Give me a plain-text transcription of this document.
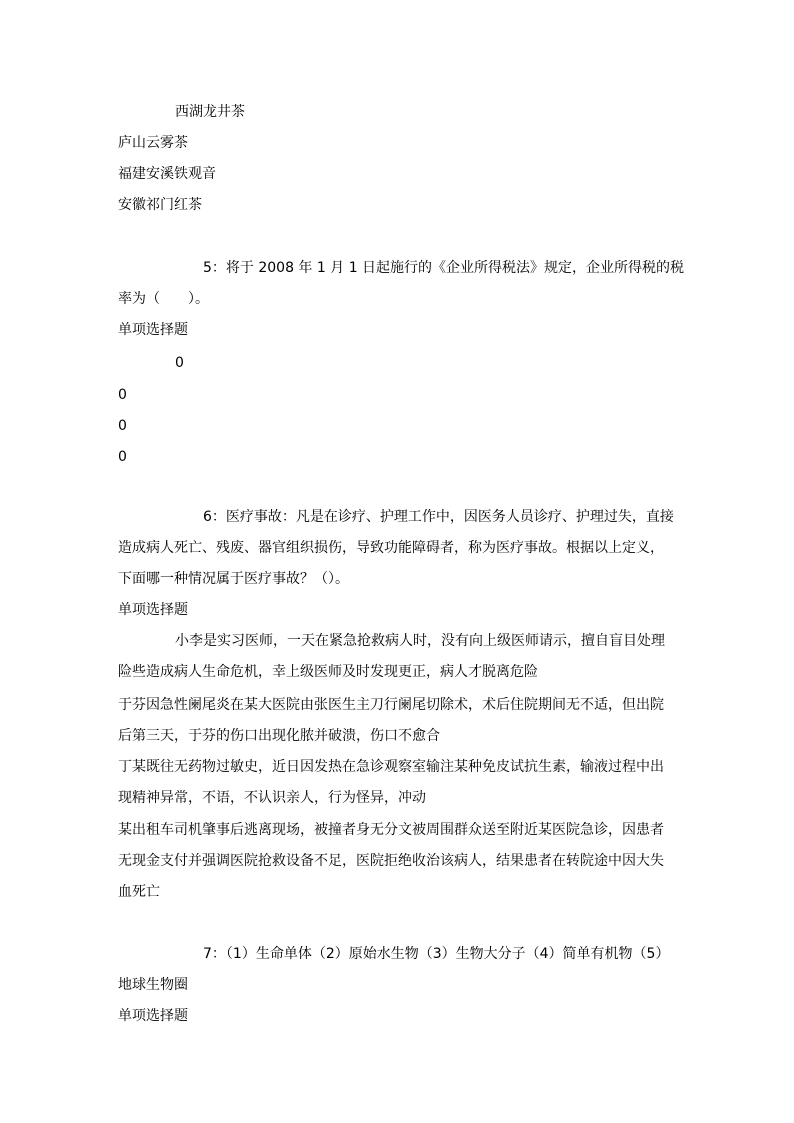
西湖龙井茶
庐山云雾茶
福建安溪铁观音
安徽祁门红茶
5：将于 2008 年 1 月 1 日起施行的《企业所得税法》规定，企业所得税的税
率为（　　）。
单项选择题
0
0
0
0
6：医疗事故：凡是在诊疗、护理工作中，因医务人员诊疗、护理过失，直接
造成病人死亡、残废、器官组织损伤，导致功能障碍者，称为医疗事故。根据以上定义，
下面哪一种情况属于医疗事故？（）。
单项选择题
小李是实习医师，一天在紧急抢救病人时，没有向上级医师请示，擅自盲目处理
险些造成病人生命危机，幸上级医师及时发现更正，病人才脱离危险
于芬因急性阑尾炎在某大医院由张医生主刀行阑尾切除术，术后住院期间无不适，但出院
后第三天，于芬的伤口出现化脓并破溃，伤口不愈合
丁某既往无药物过敏史，近日因发热在急诊观察室输注某种免皮试抗生素，输液过程中出
现精神异常，不语，不认识亲人，行为怪异，冲动
某出租车司机肇事后逃离现场，被撞者身无分文被周围群众送至附近某医院急诊，因患者
无现金支付并强调医院抢救设备不足，医院拒绝收治该病人，结果患者在转院途中因大失
血死亡
7：（1）生命单体（2）原始水生物（3）生物大分子（4）简单有机物（5）
地球生物圈
单项选择题
